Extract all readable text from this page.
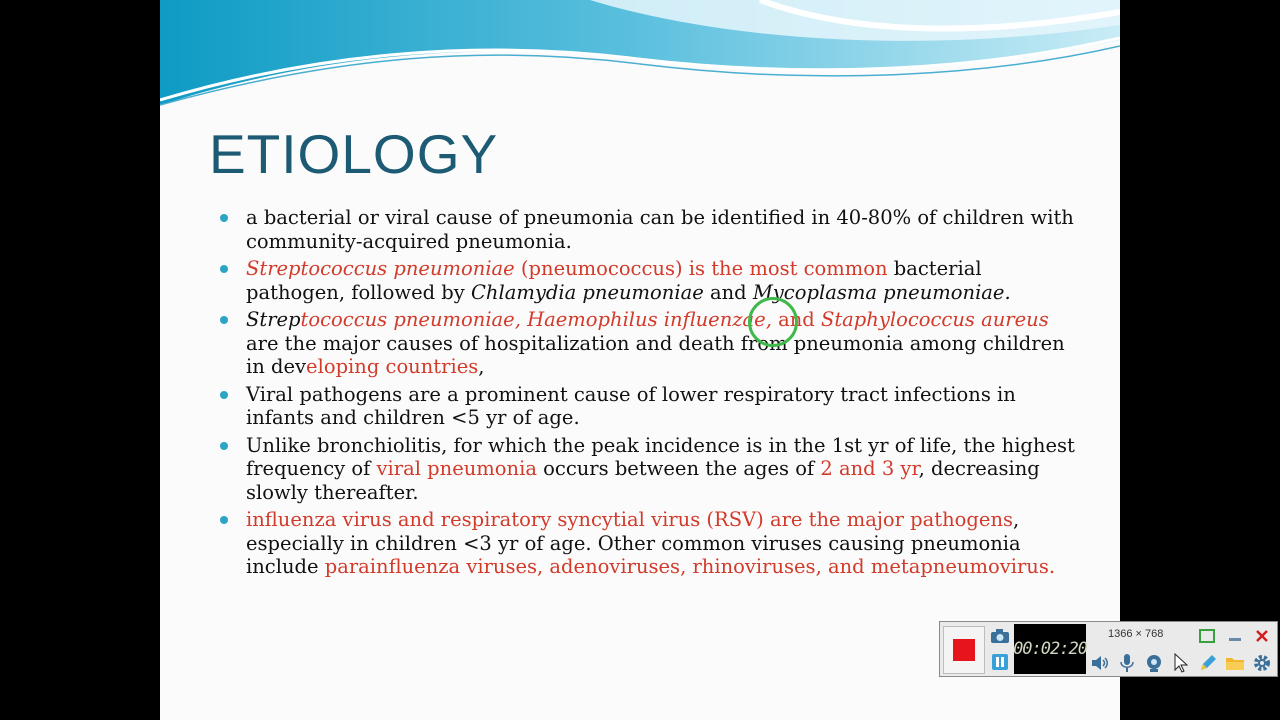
ETIOLOGY
a bacterial or viral cause of pneumonia can be identified in 40-80% of children with community-acquired pneumonia.
Streptococcus pneumoniae (pneumococcus) is the most common bacterial pathogen, followed by Chlamydia pneumoniae and Mycoplasma pneumoniae.
Streptococcus pneumoniae, Haemophilus influenzae, and Staphylococcus aureus are the major causes of hospitalization and death from pneumonia among children in developing countries,
Viral pathogens are a prominent cause of lower respiratory tract infections in infants and children <5 yr of age.
Unlike bronchiolitis, for which the peak incidence is in the 1st yr of life, the highest frequency of viral pneumonia occurs between the ages of 2 and 3 yr, decreasing slowly thereafter.
influenza virus and respiratory syncytial virus (RSV) are the major pathogens, especially in children <3 yr of age. Other common viruses causing pneumonia include parainfluenza viruses, adenoviruses, rhinoviruses, and metapneumovirus.
00:02:20
1366 × 768
